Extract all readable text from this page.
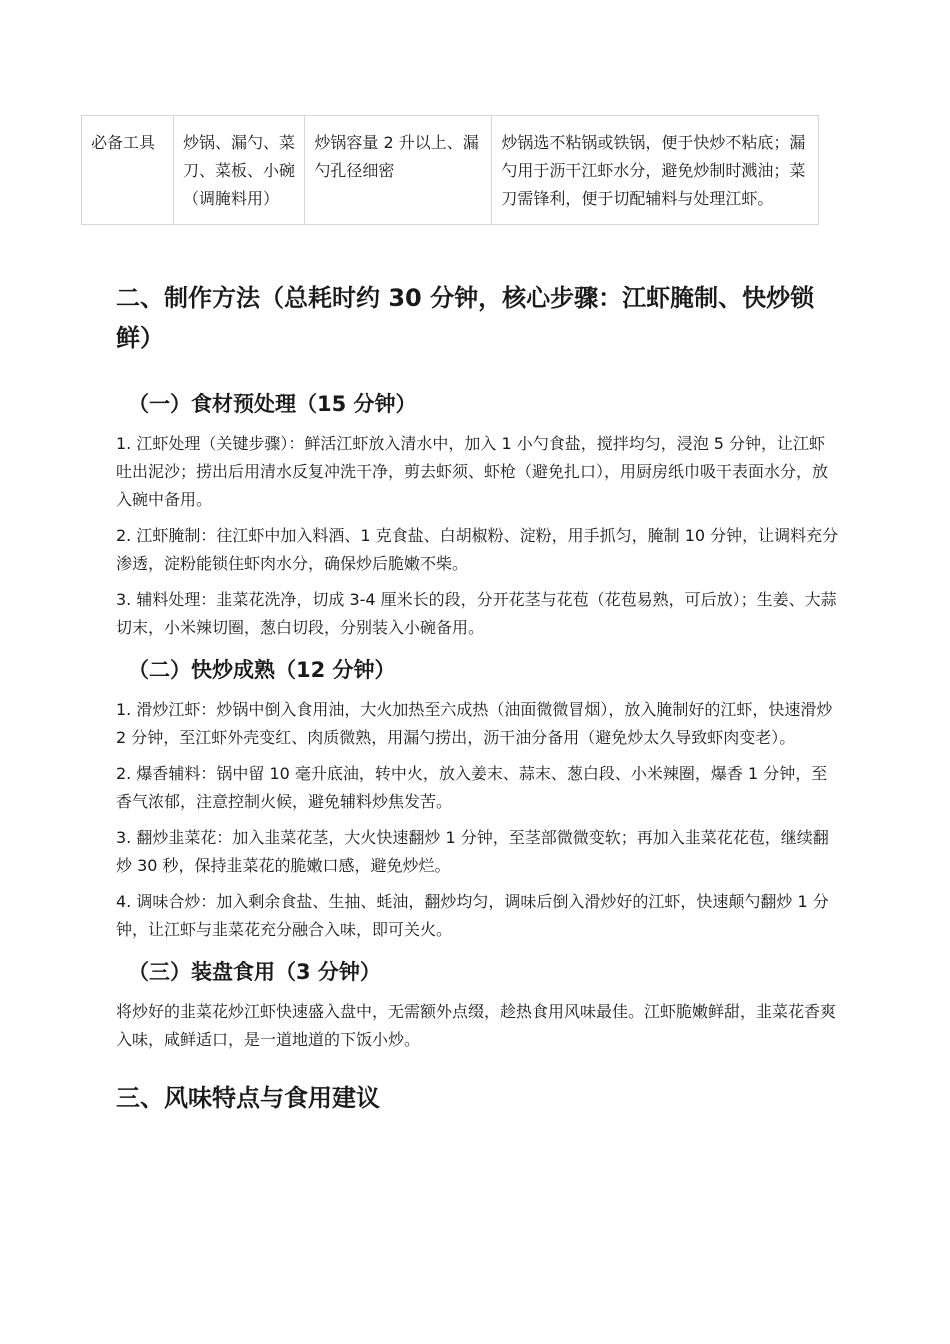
必备工具	炒锅、漏勺、菜刀、菜板、小碗（调腌料用）	炒锅容量 2 升以上、漏勺孔径细密	炒锅选不粘锅或铁锅，便于快炒不粘底；漏勺用于沥干江虾水分，避免炒制时溅油；菜刀需锋利，便于切配辅料与处理江虾。
二、制作方法（总耗时约 30 分钟，核心步骤：江虾腌制、快炒锁鲜）
（一）食材预处理（15 分钟）

1. 江虾处理（关键步骤）：鲜活江虾放入清水中，加入 1 小勺食盐，搅拌均匀，浸泡 5 分钟，让江虾吐出泥沙；捞出后用清水反复冲洗干净，剪去虾须、虾枪（避免扎口），用厨房纸巾吸干表面水分，放入碗中备用。

2. 江虾腌制：往江虾中加入料酒、1 克食盐、白胡椒粉、淀粉，用手抓匀，腌制 10 分钟，让调料充分渗透，淀粉能锁住虾肉水分，确保炒后脆嫩不柴。

3. 辅料处理：韭菜花洗净，切成 3-4 厘米长的段，分开花茎与花苞（花苞易熟，可后放）；生姜、大蒜切末，小米辣切圈，葱白切段，分别装入小碗备用。

（二）快炒成熟（12 分钟）

1. 滑炒江虾：炒锅中倒入食用油，大火加热至六成热（油面微微冒烟），放入腌制好的江虾，快速滑炒 2 分钟，至江虾外壳变红、肉质微熟，用漏勺捞出，沥干油分备用（避免炒太久导致虾肉变老）。

2. 爆香辅料：锅中留 10 毫升底油，转中火，放入姜末、蒜末、葱白段、小米辣圈，爆香 1 分钟，至香气浓郁，注意控制火候，避免辅料炒焦发苦。

3. 翻炒韭菜花：加入韭菜花茎，大火快速翻炒 1 分钟，至茎部微微变软；再加入韭菜花花苞，继续翻炒 30 秒，保持韭菜花的脆嫩口感，避免炒烂。

4. 调味合炒：加入剩余食盐、生抽、蚝油，翻炒均匀，调味后倒入滑炒好的江虾，快速颠勺翻炒 1 分钟，让江虾与韭菜花充分融合入味，即可关火。

（三）装盘食用（3 分钟）

将炒好的韭菜花炒江虾快速盛入盘中，无需额外点缀，趁热食用风味最佳。江虾脆嫩鲜甜，韭菜花香爽入味，咸鲜适口，是一道地道的下饭小炒。

三、风味特点与食用建议
